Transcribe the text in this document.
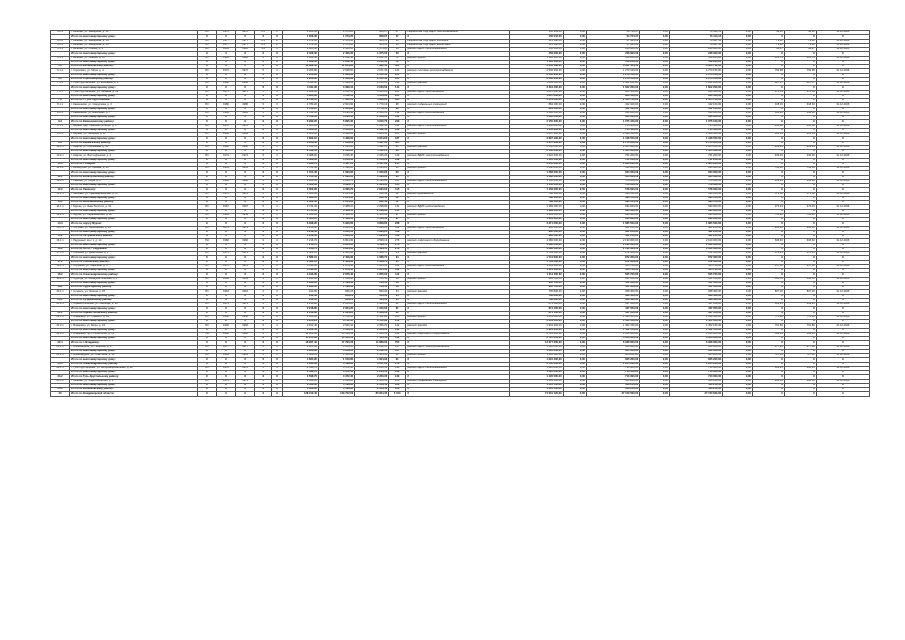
5.2.1	г. Вязники, ул. Заводская, д. 14	ЛО	1976	1976	2-5	2	1 206,30	1 073,20	608,67	47	Разработка ПСД ВДИС теплоснабжение	156 943,00	0,00	64 724,37	0,00	73 413,13	0,00	36,20	36,20	31.12.2026
	Итого по многоквартирному дому:	X	X	X	X	X	1 206,30	1 073,20	608,67	47	X	156 943,00	0,00	64 724,37	0,00	73 413,13	0,00	X	X	X
5.2.2	г. Вязники, ул. Заводская, д. 16	ЛО	1977	1977	2-5	2	1 474,30	1 474,30	666,15	36	Разработка ПСД ВДИС холодное	115 198,00	0,00	47 145,06	0,00	70 827,54	0,00	73,42	73,42	31.12.2026
5.2.3	г. Вязники, ул. Заводская, д. 18	ЛО	1977	1977	2-5	2	1 474,30	1 474,30	666,15	36	Разработка ПСД ВДИС водоотвед.	115 198,00	0,00	47 145,06	0,00	70 827,54	0,00	73,42	73,42	31.12.2026
5.3.1	г. Вязники, ул. Южная, д. 2	ЛО	1981	1981	3-5	3	2 406,30	2 406,30	1 375,00	59	ремонт ВДИС теплоснабжения	456 600,00	0,00	228 600,00	0,00	228 000,00	0,00	94,87	94,87	31.12.2026
	Итого по многоквартирному дому:	X	X	X	X	X	2 406,30	2 406,30	1 375,00	59	X	456 600,00	0,00	228 600,00	0,00	228 000,00	0,00	X	X	X
5.4.1	г. Вязники, ул. Ленина, д. 12	ЛО	1965	1965	4	2	1 846,40	1 812,40	1 201,30	72	ремонт крыши	1 118 400,00	0,00	559 200,00	0,00	559 200,00	0,00	605,73	605,73	31.12.2026
	Итого по многоквартирному дому:	X	X	X	X	X	1 846,40	1 812,40	1 201,30	72	X	1 118 400,00	0,00	559 200,00	0,00	559 200,00	0,00	X	X	X
5.5	Итого по Вязниковскому району:	X	X	X	X	X	12 862,10	11 944,80	7 082,10	401	X	6 642 188,00	0,00	3 021 456,00	0,00	3 620 732,00	0,00	X	X	X
6.1.1	г. Гороховец, ул. Мира, д. 4	ЛО	1972	1972	5	4	3 206,80	2 948,60	2 011,40	121	ремонт системы электроснабжения	2 546 300,00	0,00	1 273 150,00	0,00	1 273 150,00	0,00	793,98	793,98	31.12.2026
	Итого по многоквартирному дому:	X	X	X	X	X	3 206,80	2 948,60	2 011,40	121	X	2 546 300,00	0,00	1 273 150,00	0,00	1 273 150,00	0,00	X	X	X
6.2	Итого по Гороховецкому району:	X	X	X	X	X	3 206,80	2 948,60	2 011,40	121	X	2 546 300,00	0,00	1 273 150,00	0,00	1 273 150,00	0,00	X	X	X
7.1.1	г. Гусь-Хрустальный, ул. Калинина, д. 9	ЛО	1968	1968	5	4	3 611,90	3 399,10	2 233,00	144	ремонт фасада	3 204 400,00	0,00	1 602 200,00	0,00	1 602 200,00	0,00	887,17	887,17	31.12.2026
	Итого по многоквартирному дому:	X	X	X	X	X	3 611,90	3 399,10	2 233,00	144	X	3 204 400,00	0,00	1 602 200,00	0,00	1 602 200,00	0,00	X	X	X
7.2.1	г. Гусь-Хрустальный, ул. Чапаева, д. 22	ЛО	1975	1975	5	6	4 904,60	4 512,50	3 106,80	201	ремонт ВДИС газоснабжения	1 847 000,00	0,00	923 500,00	0,00	923 500,00	0,00	376,59	376,59	31.12.2026
	Итого по многоквартирному дому:	X	X	X	X	X	4 904,60	4 512,50	3 106,80	201	X	1 847 000,00	0,00	923 500,00	0,00	923 500,00	0,00	X	X	X
7.3	Итого по г. Гусь-Хрустальный:	X	X	X	X	X	8 516,50	7 911,60	5 339,80	345	X	5 051 400,00	0,00	2 525 700,00	0,00	2 525 700,00	0,00	X	X	X
8.1.1	г. Камешково, ул. Свердлова, д. 3	ЛО	1980	1980	5	3	2 780,20	2 604,90	1 770,10	98	ремонт подвальных помещений	884 200,00	0,00	442 100,00	0,00	442 100,00	0,00	318,03	318,03	31.12.2026
	Итого по многоквартирному дому:	X	X	X	X	X	2 780,20	2 604,90	1 770,10	98	X	884 200,00	0,00	442 100,00	0,00	442 100,00	0,00	X	X	X
8.2.1	г. Камешково, ул. Школьная, д. 7	ЛО	1983	1983	5	4	3 512,00	3 290,40	2 140,60	132	ремонт ВДИС водоснабжения	1 266 000,00	0,00	633 000,00	0,00	633 000,00	0,00	360,48	360,48	31.12.2026
	Итого по многоквартирному дому:	X	X	X	X	X	3 512,00	3 290,40	2 140,60	132	X	1 266 000,00	0,00	633 000,00	0,00	633 000,00	0,00	X	X	X
8.3	Итого по Камешковскому району:	X	X	X	X	X	6 292,20	5 895,30	3 910,70	230	X	2 150 200,00	0,00	1 075 100,00	0,00	1 075 100,00	0,00	X	X	X
9.1.1	г. Киржач, мкр. Красный Октябрь, д. 5	ЛО	1978	1978	5	4	3 366,30	3 150,20	2 062,40	118	ремонт ВДИС теплоснабжения	1 450 800,00	0,00	725 400,00	0,00	725 400,00	0,00	430,98	430,98	31.12.2026
	Итого по многоквартирному дому:	X	X	X	X	X	3 366,30	3 150,20	2 062,40	118	X	1 450 800,00	0,00	725 400,00	0,00	725 400,00	0,00	X	X	X
9.2.1	г. Киржач, ул. Гагарина, д. 11	ЛО	1984	1984	5	6	4 820,10	4 498,00	3 004,60	187	ремонт крыши	2 897 100,00	0,00	1 448 550,00	0,00	1 448 550,00	0,00	601,04	601,04	31.12.2026
	Итого по многоквартирному дому:	X	X	X	X	X	4 820,10	4 498,00	3 004,60	187	X	2 897 100,00	0,00	1 448 550,00	0,00	1 448 550,00	0,00	X	X	X
9.3	Итого по Киржачскому району:	X	X	X	X	X	8 186,40	7 648,20	5 067,00	305	X	4 347 900,00	0,00	2 173 950,00	0,00	2 173 950,00	0,00	X	X	X
10.1.1	г. Ковров, ул. Абельмана, д. 58	ЛО	1962	1962	4	3	2 342,10	2 190,80	1 411,70	86	ремонт фасада	2 130 000,00	0,00	1 065 000,00	0,00	1 065 000,00	0,00	909,44	909,44	31.12.2026
	Итого по многоквартирному дому:	X	X	X	X	X	2 342,10	2 190,80	1 411,70	86	X	2 130 000,00	0,00	1 065 000,00	0,00	1 065 000,00	0,00	X	X	X
10.2.1	г. Ковров, ул. Волго-Донская, д. 4	ЛО	1974	1974	5	4	3 488,60	3 236,40	2 156,20	129	ремонт ВДИС электроснабжения	1 522 400,00	0,00	761 200,00	0,00	761 200,00	0,00	436,39	436,39	31.12.2026
	Итого по многоквартирному дому:	X	X	X	X	X	3 488,60	3 236,40	2 156,20	129	X	1 522 400,00	0,00	761 200,00	0,00	761 200,00	0,00	X	X	X
10.3	Итого по г. Ковров:	X	X	X	X	X	5 830,70	5 427,20	3 567,90	215	X	3 652 400,00	0,00	1 826 200,00	0,00	1 826 200,00	0,00	X	X	X
11.1.1	г. Кольчугино, ул. Ленина, д. 20	ЛО	1961	1961	4	2	1 704,40	1 590,00	1 036,80	63	ремонт крыши	1 268 000,00	0,00	634 000,00	0,00	634 000,00	0,00	743,96	743,96	31.12.2026
	Итого по многоквартирному дому:	X	X	X	X	X	1 704,40	1 590,00	1 036,80	63	X	1 268 000,00	0,00	634 000,00	0,00	634 000,00	0,00	X	X	X
11.2	Итого по Кольчугинскому району:	X	X	X	X	X	1 704,40	1 590,00	1 036,80	63	X	1 268 000,00	0,00	634 000,00	0,00	634 000,00	0,00	X	X	X
12.1.1	г. Лакинск, ул. Мира, д. 6	ЛО	1986	1986	5	4	3 302,90	3 096,70	2 030,00	115	ремонт ВДИС теплоснабжения	1 156 000,00	0,00	578 000,00	0,00	578 000,00	0,00	349,99	349,99	31.12.2026
	Итого по многоквартирному дому:	X	X	X	X	X	3 302,90	3 096,70	2 030,00	115	X	1 156 000,00	0,00	578 000,00	0,00	578 000,00	0,00	X	X	X
12.2	Итого по Лакинску:	X	X	X	X	X	3 302,90	3 096,70	2 030,00	115	X	1 156 000,00	0,00	578 000,00	0,00	578 000,00	0,00	X	X	X
13.1.1	г. Меленки, ул. Красноармейская, д. 37	ЛО	1970	1970	3	2	1 380,50	1 264,30	812,40	52	ремонт фундамента	788 300,00	0,00	394 150,00	0,00	394 150,00	0,00	571,02	571,02	31.12.2026
	Итого по многоквартирному дому:	X	X	X	X	X	1 380,50	1 264,30	812,40	52	X	788 300,00	0,00	394 150,00	0,00	394 150,00	0,00	X	X	X
13.2	Итого по Меленковскому району:	X	X	X	X	X	1 380,50	1 264,30	812,40	52	X	788 300,00	0,00	394 150,00	0,00	394 150,00	0,00	X	X	X
14.1.1	г. Муром, ул. Льва Толстого, д. 61	ЛО	1967	1967	5	4	3 724,00	3 488,10	2 298,80	141	ремонт ВДИС водоотведения	1 389 200,00	0,00	694 600,00	0,00	694 600,00	0,00	373,04	373,04	31.12.2026
	Итого по многоквартирному дому:	X	X	X	X	X	3 724,00	3 488,10	2 298,80	141	X	1 389 200,00	0,00	694 600,00	0,00	694 600,00	0,00	X	X	X
14.2.1	г. Муром, ул. Первомайская, д. 18	ЛО	1959	1959	4	3	2 604,20	2 438,50	1 560,00	97	ремонт крыши	1 981 800,00	0,00	990 900,00	0,00	990 900,00	0,00	761,00	761,00	31.12.2026
	Итого по многоквартирному дому:	X	X	X	X	X	2 604,20	2 438,50	1 560,00	97	X	1 981 800,00	0,00	990 900,00	0,00	990 900,00	0,00	X	X	X
14.3	Итого по округу Муром:	X	X	X	X	X	6 328,20	5 926,60	3 858,80	238	X	3 371 000,00	0,00	1 685 500,00	0,00	1 685 500,00	0,00	X	X	X
15.1.1	г. Петушки, ул. Московская, д. 14	ЛО	1979	1979	5	4	3 248,40	3 020,10	1 994,20	119	ремонт ВДИС газоснабжения	962 500,00	0,00	481 250,00	0,00	481 250,00	0,00	296,30	296,30	31.12.2026
	Итого по многоквартирному дому:	X	X	X	X	X	3 248,40	3 020,10	1 994,20	119	X	962 500,00	0,00	481 250,00	0,00	481 250,00	0,00	X	X	X
15.2	Итого по Петушинскому району:	X	X	X	X	X	3 248,40	3 020,10	1 994,20	119	X	962 500,00	0,00	481 250,00	0,00	481 250,00	0,00	X	X	X
16.1.1	г. Радужный, кв-л 1, д. 14	ПН	1982	1982	9	4	7 216,70	6 804,30	4 598,10	276	ремонт лифтового оборудования	4 380 000,00	0,00	2 190 000,00	0,00	2 190 000,00	0,00	606,92	606,92	31.12.2026
	Итого по многоквартирному дому:	X	X	X	X	X	7 216,70	6 804,30	4 598,10	276	X	4 380 000,00	0,00	2 190 000,00	0,00	2 190 000,00	0,00	X	X	X
16.2	Итого по ЗАТО г. Радужный:	X	X	X	X	X	7 216,70	6 804,30	4 598,10	276	X	4 380 000,00	0,00	2 190 000,00	0,00	2 190 000,00	0,00	X	X	X
17.1.1	г. Собинка, ул. Димитрова, д. 3	ЛО	1973	1973	5	3	2 582,10	2 406,90	1 588,70	94	ремонт фасада	1 744 600,00	0,00	872 300,00	0,00	872 300,00	0,00	675,65	675,65	31.12.2026
	Итого по многоквартирному дому:	X	X	X	X	X	2 582,10	2 406,90	1 588,70	94	X	1 744 600,00	0,00	872 300,00	0,00	872 300,00	0,00	X	X	X
17.2	Итого по Собинскому району:	X	X	X	X	X	2 582,10	2 406,90	1 588,70	94	X	1 744 600,00	0,00	872 300,00	0,00	872 300,00	0,00	X	X	X
18.1.1	г. Струнино, ул. Заречная, д. 9	ЛО	1976	1976	5	4	3 190,30	2 976,40	1 955,00	112	ремонт ВДИС водоснабжения	1 011 400,00	0,00	505 700,00	0,00	505 700,00	0,00	317,02	317,02	31.12.2026
	Итого по многоквартирному дому:	X	X	X	X	X	3 190,30	2 976,40	1 955,00	112	X	1 011 400,00	0,00	505 700,00	0,00	505 700,00	0,00	X	X	X
18.2	Итого по Александровскому району:	X	X	X	X	X	3 190,30	2 976,40	1 955,00	112	X	1 011 400,00	0,00	505 700,00	0,00	505 700,00	0,00	X	X	X
19.1.1	г. Судогда, ул. Коммунистическая, д. 2	ЛО	1969	1969	3	2	1 296,00	1 198,40	780,50	48	ремонт крыши	902 700,00	0,00	451 350,00	0,00	451 350,00	0,00	696,53	696,53	31.12.2026
	Итого по многоквартирному дому:	X	X	X	X	X	1 296,00	1 198,40	780,50	48	X	902 700,00	0,00	451 350,00	0,00	451 350,00	0,00	X	X	X
19.2	Итого по Судогодскому району:	X	X	X	X	X	1 296,00	1 198,40	780,50	48	X	902 700,00	0,00	451 350,00	0,00	451 350,00	0,00	X	X	X
20.1.1	г. Суздаль, ул. Ленина, д. 87	ЛО	1964	1964	2	2	912,60	846,20	560,30	34	ремонт фасада	736 800,00	0,00	368 400,00	0,00	368 400,00	0,00	807,36	807,36	31.12.2026
	Итого по многоквартирному дому:	X	X	X	X	X	912,60	846,20	560,30	34	X	736 800,00	0,00	368 400,00	0,00	368 400,00	0,00	X	X	X
20.2	Итого по Суздальскому району:	X	X	X	X	X	912,60	846,20	560,30	34	X	736 800,00	0,00	368 400,00	0,00	368 400,00	0,00	X	X	X
21.1.1	г. Юрьев-Польский, ул. Свободы, д. 33	ЛО	1971	1971	4	3	2 218,80	2 064,20	1 340,60	81	ремонт ВДИС теплоснабжения	874 100,00	0,00	437 050,00	0,00	437 050,00	0,00	393,95	393,95	31.12.2026
	Итого по многоквартирному дому:	X	X	X	X	X	2 218,80	2 064,20	1 340,60	81	X	874 100,00	0,00	437 050,00	0,00	437 050,00	0,00	X	X	X
21.2	Итого по Юрьев-Польскому району:	X	X	X	X	X	2 218,80	2 064,20	1 340,60	81	X	874 100,00	0,00	437 050,00	0,00	437 050,00	0,00	X	X	X
22.1.1	г. Владимир, ул. Горького, д. 44	ЛО	1958	1958	5	4	3 950,20	3 702,60	2 411,90	150	ремонт крыши	3 061 000,00	0,00	1 530 500,00	0,00	1 530 500,00	0,00	774,88	774,88	31.12.2026
	Итого по многоквартирному дому:	X	X	X	X	X	3 950,20	3 702,60	2 411,90	150	X	3 061 000,00	0,00	1 530 500,00	0,00	1 530 500,00	0,00	X	X	X
22.2.1	г. Владимир, ул. Мира, д. 19	ЛО	1966	1966	5	4	3 812,40	3 560,10	2 356,20	142	ремонт фасада	2 904 300,00	0,00	1 452 150,00	0,00	1 452 150,00	0,00	761,80	761,80	31.12.2026
	Итого по многоквартирному дому:	X	X	X	X	X	3 812,40	3 560,10	2 356,20	142	X	2 904 300,00	0,00	1 452 150,00	0,00	1 452 150,00	0,00	X	X	X
22.3.1	г. Владимир, пр-т Строителей, д. 26	ПН	1980	1980	9	6	11 204,80	10 530,60	7 120,50	412	ремонт лифтового оборудования	6 712 000,00	0,00	3 356 000,00	0,00	3 356 000,00	0,00	599,03	599,03	31.12.2026
	Итого по многоквартирному дому:	X	X	X	X	X	11 204,80	10 530,60	7 120,50	412	X	6 712 000,00	0,00	3 356 000,00	0,00	3 356 000,00	0,00	X	X	X
22.4	Итого по г. Владимир:	X	X	X	X	X	18 967,40	17 793,30	11 888,60	704	X	12 677 300,00	0,00	6 338 650,00	0,00	6 338 650,00	0,00	X	X	X
23.1.1	г. Александров, ул. Гагарина, д. 6	ЛО	1977	1977	5	4	3 280,60	3 058,00	2 012,10	117	ремонт ВДИС электроснабжения	1 240 000,00	0,00	620 000,00	0,00	620 000,00	0,00	377,98	377,98	31.12.2026
	Итого по многоквартирному дому:	X	X	X	X	X	3 280,60	3 058,00	2 012,10	117	X	1 240 000,00	0,00	620 000,00	0,00	620 000,00	0,00	X	X	X
23.2.1	г. Александров, ул. Советская, д. 12	ЛО	1963	1963	4	2	1 664,20	1 540,80	1 004,90	61	ремонт крыши	1 210 400,00	0,00	605 200,00	0,00	605 200,00	0,00	727,32	727,32	31.12.2026
	Итого по многоквартирному дому:	X	X	X	X	X	1 664,20	1 540,80	1 004,90	61	X	1 210 400,00	0,00	605 200,00	0,00	605 200,00	0,00	X	X	X
23.3	Итого по Александровскому району:	X	X	X	X	X	4 944,80	4 598,80	3 017,00	178	X	2 450 400,00	0,00	1 225 200,00	0,00	1 225 200,00	0,00	X	X	X
24.1.1	г. Гусь-Хрустальный, ул. Интернациональная, д. 42	ЛО	1972	1972	5	4	3 598,70	3 372,40	2 220,30	139	ремонт ВДИС теплоснабжения	1 426 000,00	0,00	713 000,00	0,00	713 000,00	0,00	396,25	396,25	31.12.2026
	Итого по многоквартирному дому:	X	X	X	X	X	3 598,70	3 372,40	2 220,30	139	X	1 426 000,00	0,00	713 000,00	0,00	713 000,00	0,00	X	X	X
24.2	Итого по Гусь-Хрустальному району:	X	X	X	X	X	3 598,70	3 372,40	2 220,30	139	X	1 426 000,00	0,00	713 000,00	0,00	713 000,00	0,00	X	X	X
25.1.1	г. Вязники, ул. Комсомольская, д. 8	ЛО	1974	1974	5	4	3 420,00	3 196,80	2 106,40	126	ремонт подвальных помещений	1 012 500,00	0,00	506 250,00	0,00	506 250,00	0,00	296,05	296,05	31.12.2026
	Итого по многоквартирному дому:	X	X	X	X	X	3 420,00	3 196,80	2 106,40	126	X	1 012 500,00	0,00	506 250,00	0,00	506 250,00	0,00	X	X	X
25.2	Итого по Вязниковскому району:	X	X	X	X	X	3 420,00	3 196,80	2 106,40	126	X	1 012 500,00	0,00	506 250,00	0,00	506 250,00	0,00	X	X	X
26	Итого по Владимирской области:	X	X	X	X	X	138 219,40	129 702,60	85 904,30	5 013	X	74 301 120,00	0,00	37 150 560,00	0,00	37 150 560,00	0,00	X	X	X
